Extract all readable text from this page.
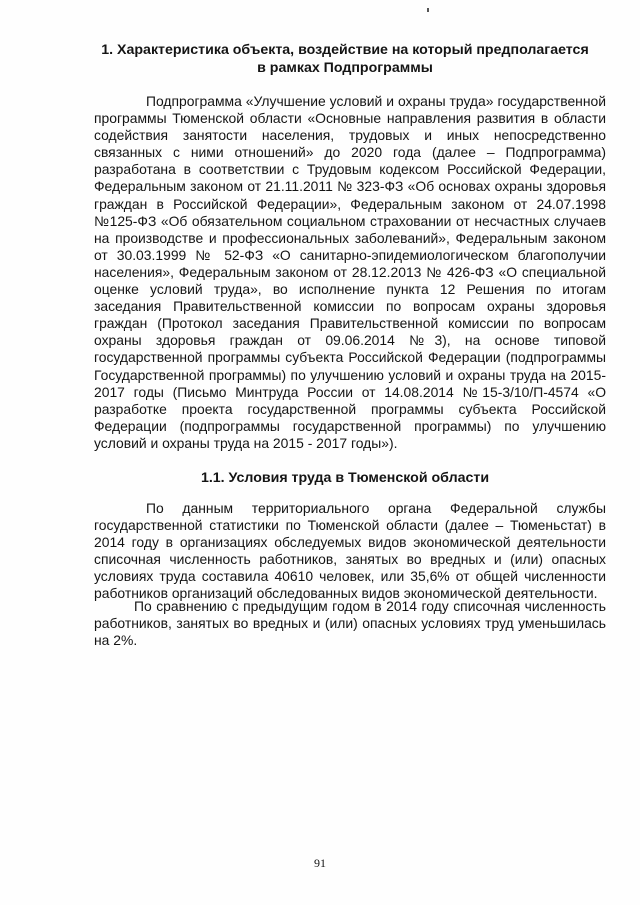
1. Характеристика объекта, воздействие на который предполагается в рамках Подпрограммы
Подпрограмма «Улучшение условий и охраны труда» государственной программы Тюменской области «Основные направления развития в области содействия занятости населения, трудовых и иных непосредственно связанных с ними отношений» до 2020 года (далее – Подпрограмма) разработана в соответствии с Трудовым кодексом Российской Федерации, Федеральным законом от 21.11.2011 № 323-ФЗ «Об основах охраны здоровья граждан в Российской Федерации», Федеральным законом от 24.07.1998 №125-ФЗ «Об обязательном социальном страховании от несчастных случаев на производстве и профессиональных заболеваний», Федеральным законом от 30.03.1999 № 52-ФЗ «О санитарно-эпидемиологическом благополучии населения», Федеральным законом от 28.12.2013 № 426-ФЗ «О специальной оценке условий труда», во исполнение пункта 12 Решения по итогам заседания Правительственной комиссии по вопросам охраны здоровья граждан (Протокол заседания Правительственной комиссии по вопросам охраны здоровья граждан от 09.06.2014 №3), на основе типовой государственной программы субъекта Российской Федерации (подпрограммы Государственной программы) по улучшению условий и охраны труда на 2015-2017 годы (Письмо Минтруда России от 14.08.2014 №15-3/10/П-4574 «О разработке проекта государственной программы субъекта Российской Федерации (подпрограммы государственной программы) по улучшению условий и охраны труда на 2015 - 2017 годы»).
1.1. Условия труда в Тюменской области
По данным территориального органа Федеральной службы государственной статистики по Тюменской области (далее – Тюменьстат) в 2014 году в организациях обследуемых видов экономической деятельности списочная численность работников, занятых во вредных и (или) опасных условиях труда составила 40610 человек, или 35,6% от общей численности работников организаций обследованных видов экономической деятельности.
По сравнению с предыдущим годом в 2014 году списочная численность работников, занятых во вредных и (или) опасных условиях труд уменьшилась на 2%.
91
